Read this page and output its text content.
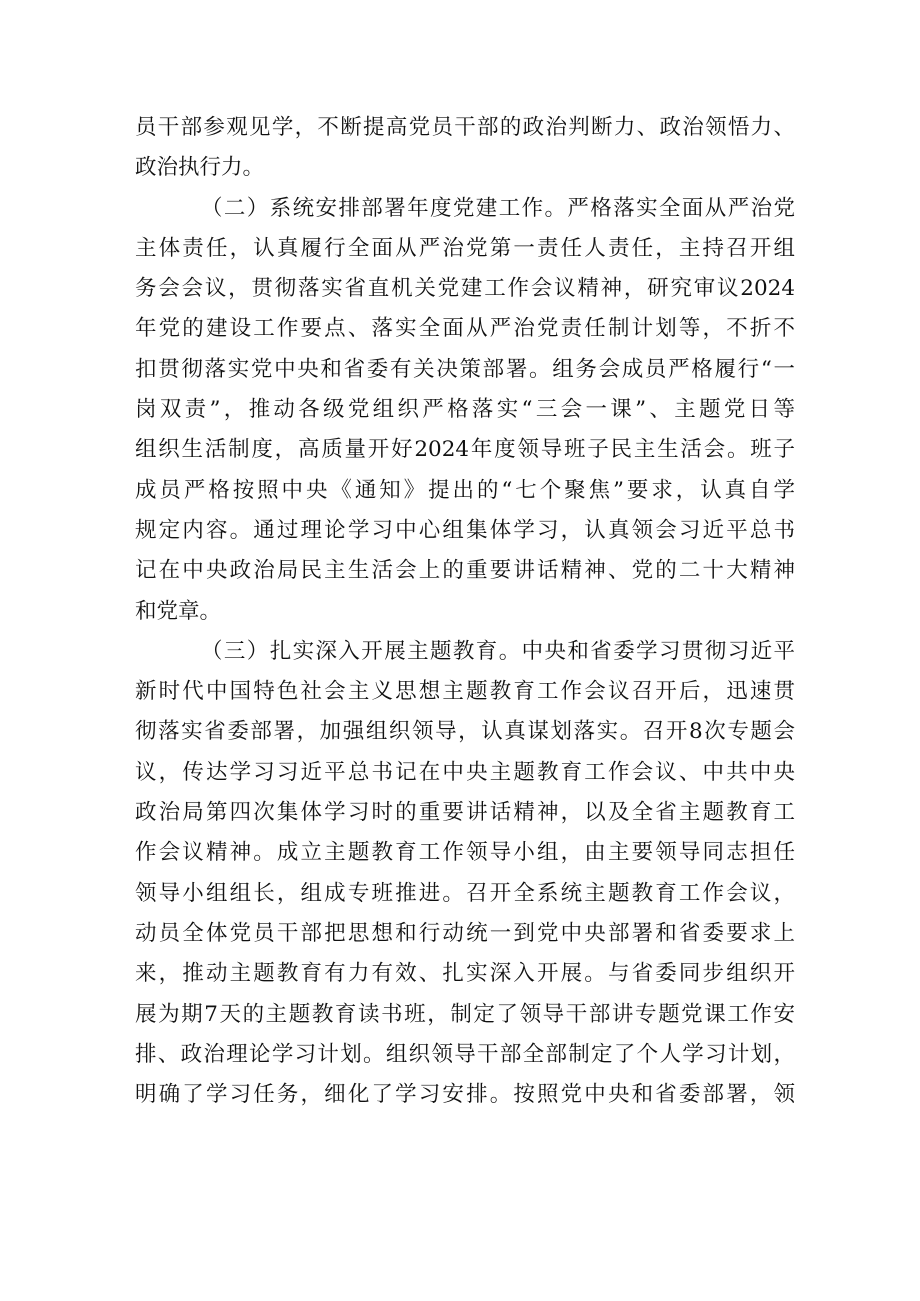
员干部参观见学，不断提高党员干部的政治判断力、政治领悟力、
政治执行力。
（二）系统安排部署年度党建工作。严格落实全面从严治党
主体责任，认真履行全面从严治党第一责任人责任，主持召开组
务会会议，贯彻落实省直机关党建工作会议精神，研究审议2024
年党的建设工作要点、落实全面从严治党责任制计划等，不折不
扣贯彻落实党中央和省委有关决策部署。组务会成员严格履行“一
岗双责”，推动各级党组织严格落实“三会一课”、主题党日等
组织生活制度，高质量开好2024年度领导班子民主生活会。班子
成员严格按照中央《通知》提出的“七个聚焦”要求，认真自学
规定内容。通过理论学习中心组集体学习，认真领会习近平总书
记在中央政治局民主生活会上的重要讲话精神、党的二十大精神
和党章。
（三）扎实深入开展主题教育。中央和省委学习贯彻习近平
新时代中国特色社会主义思想主题教育工作会议召开后，迅速贯
彻落实省委部署，加强组织领导，认真谋划落实。召开8次专题会
议，传达学习习近平总书记在中央主题教育工作会议、中共中央
政治局第四次集体学习时的重要讲话精神，以及全省主题教育工
作会议精神。成立主题教育工作领导小组，由主要领导同志担任
领导小组组长，组成专班推进。召开全系统主题教育工作会议，
动员全体党员干部把思想和行动统一到党中央部署和省委要求上
来，推动主题教育有力有效、扎实深入开展。与省委同步组织开
展为期7天的主题教育读书班，制定了领导干部讲专题党课工作安
排、政治理论学习计划。组织领导干部全部制定了个人学习计划，
明确了学习任务，细化了学习安排。按照党中央和省委部署，领
